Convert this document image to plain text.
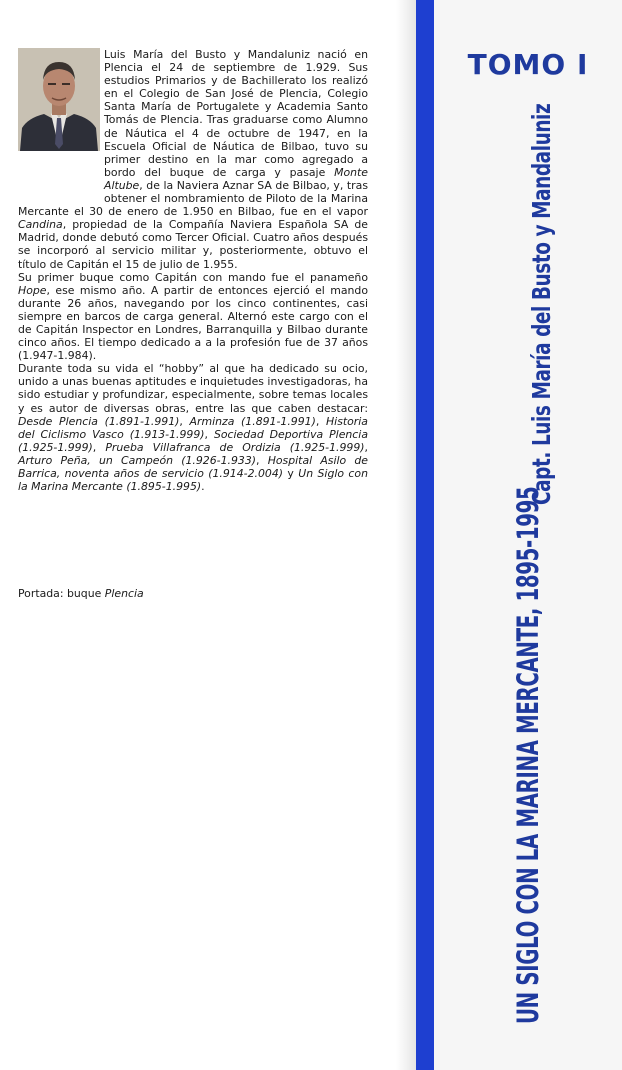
Luis María del Busto y Mandaluniz nació en Plencia el 24 de septiembre de 1.929. Sus estudios Primarios y de Bachillerato los realizó en el Colegio de San José de Plencia, Colegio Santa María de Portugalete y Academia Santo Tomás de Plencia. Tras graduarse como Alumno de Náutica el 4 de octubre de 1947, en la Escuela Oficial de Náutica de Bilbao, tuvo su primer destino en la mar como agregado a bordo del buque de carga y pasaje Monte Altube, de la Naviera Aznar SA de Bilbao, y, tras obtener el nombramiento de Piloto de la Marina Mercante el 30 de enero de 1.950 en Bilbao, fue en el vapor Candina, propiedad de la Compañía Naviera Española SA de Madrid, donde debutó como Tercer Oficial. Cuatro años después se incorporó al servicio militar y, posteriormente, obtuvo el título de Capitán el 15 de julio de 1.955.

Su primer buque como Capitán con mando fue el panameño Hope, ese mismo año. A partir de entonces ejerció el mando durante 26 años, navegando por los cinco continentes, casi siempre en barcos de carga general. Alternó este cargo con el de Capitán Inspector en Londres, Barranquilla y Bilbao durante cinco años. El tiempo dedicado a a la profesión fue de 37 años (1.947-1.984).

Durante toda su vida el “hobby” al que ha dedicado su ocio, unido a unas buenas aptitudes e inquietudes investigadoras, ha sido estudiar y profundizar, especialmente, sobre temas locales y es autor de diversas obras, entre las que caben destacar: Desde Plencia (1.891-1.991), Arminza (1.891-1.991), Historia del Ciclismo Vasco (1.913-1.999), Sociedad Deportiva Plencia (1.925-1.999), Prueba Villafranca de Ordizia (1.925-1.999), Arturo Peña, un Campeón (1.926-1.933), Hospital Asilo de Barrica, noventa años de servicio (1.914-2.004) y Un Siglo con la Marina Mercante (1.895-1.995).

Portada: buque Plencia
TOMO I
Capt. Luis María del Busto y Mandaluniz
UN SIGLO CON LA MARINA MERCANTE, 1895-1995
